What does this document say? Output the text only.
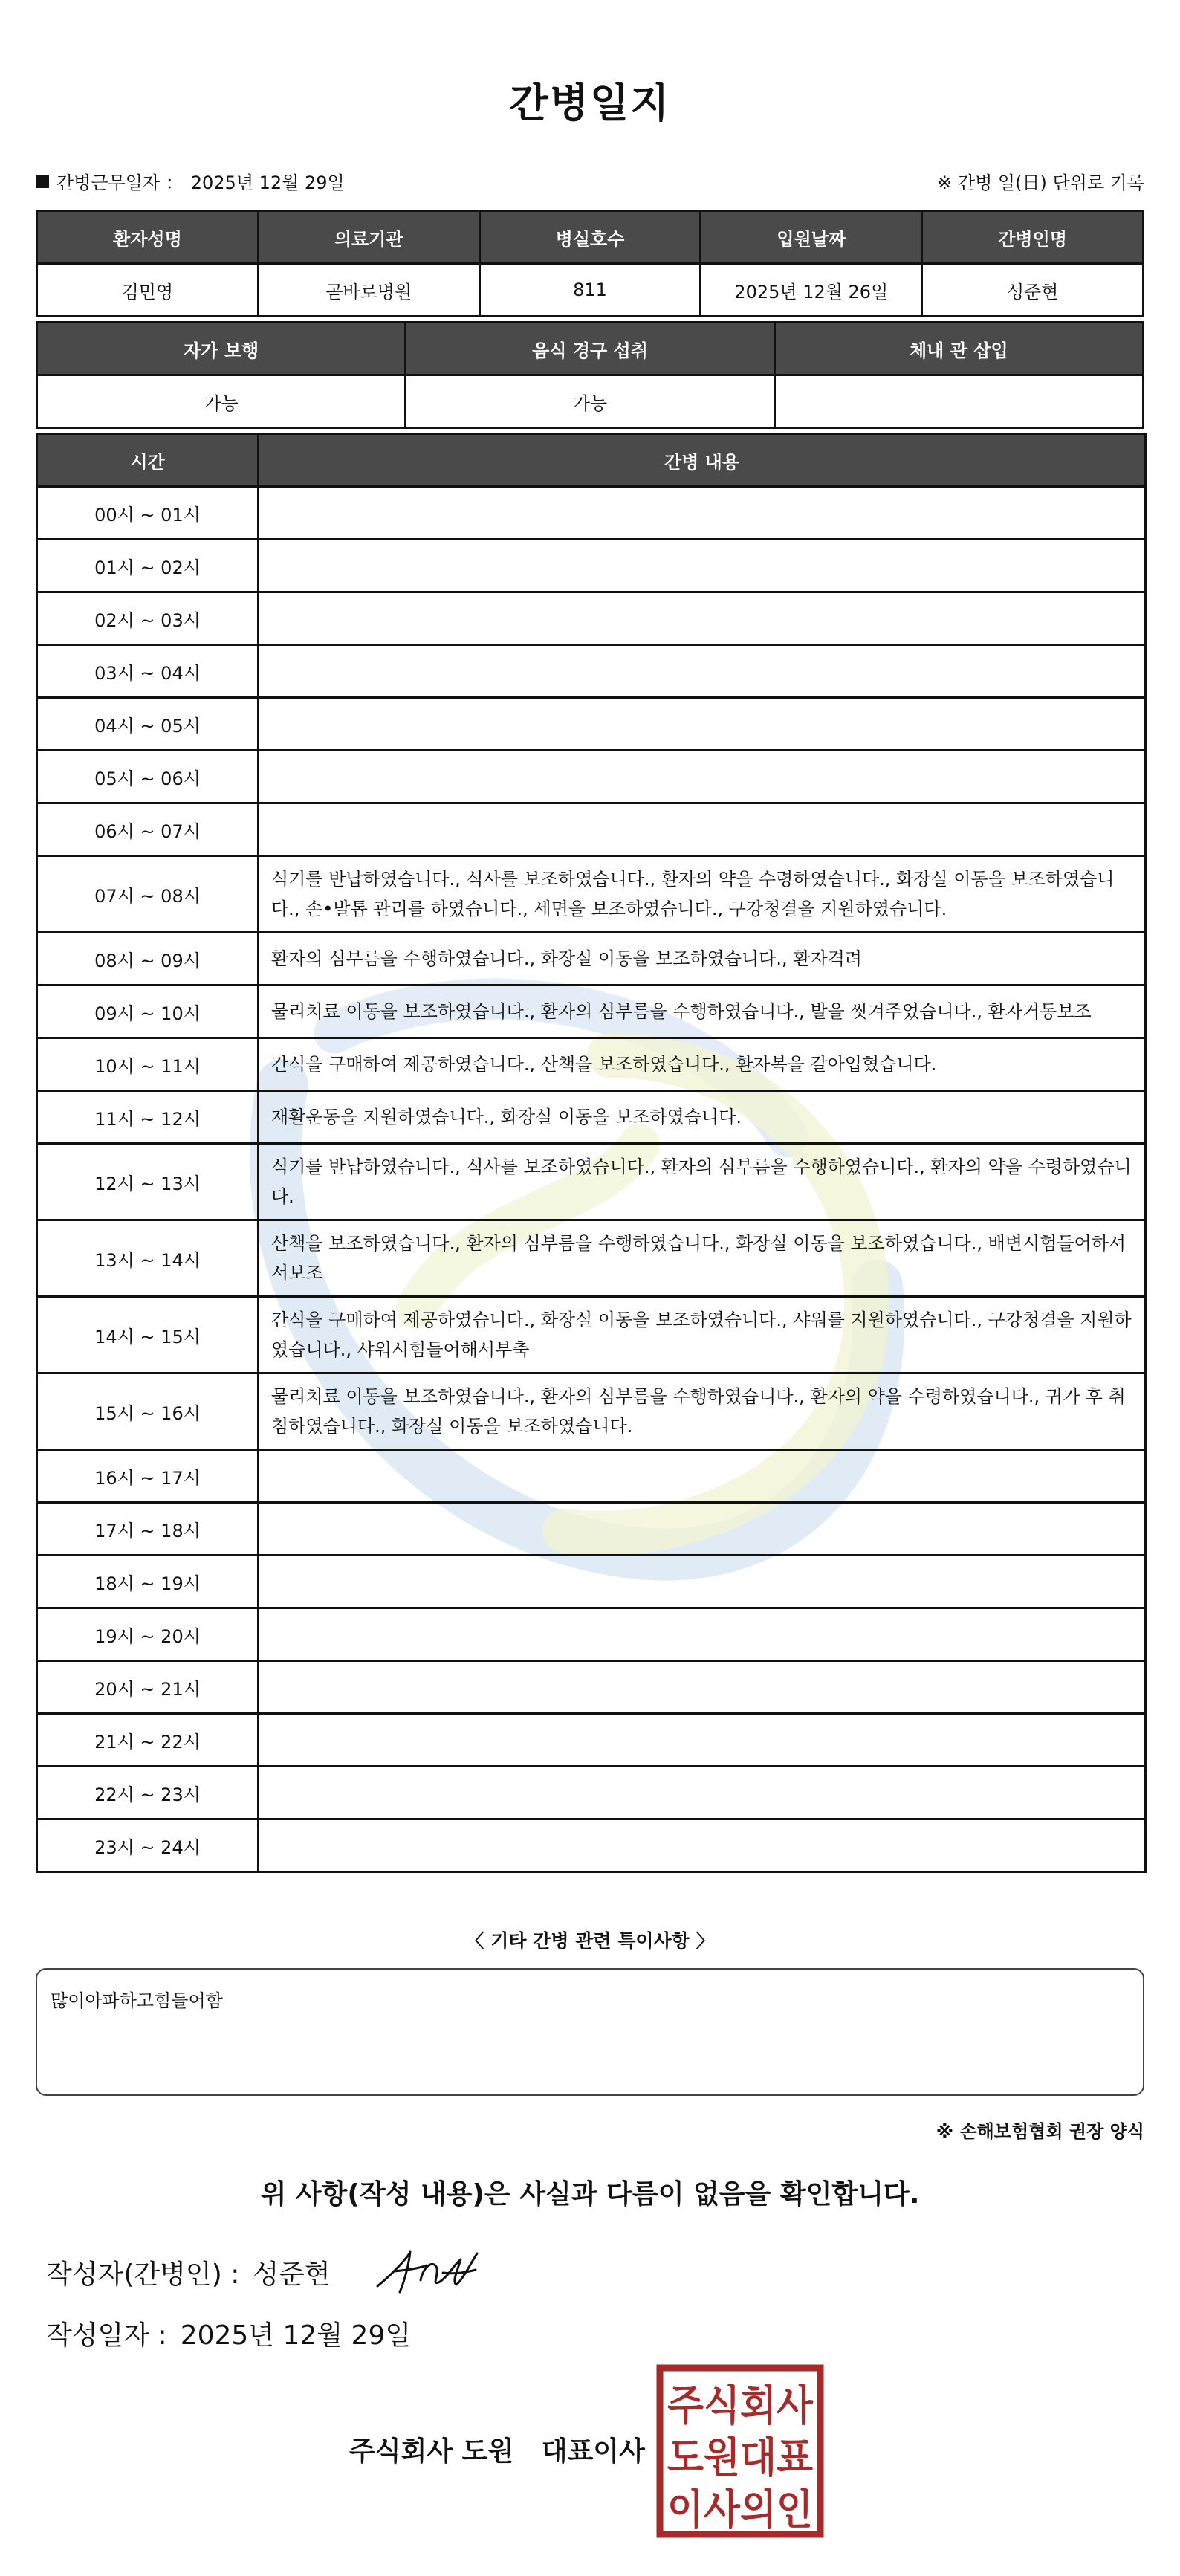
간병일지
간병근무일자 ： 2025년 12월 29일	※ 간병 일(日) 단위로 기록
환자성명	의료기관	병실호수	입원날짜	간병인명
김민영	곧바로병원	811	2025년 12월 26일	성준현
자가 보행	음식 경구 섭취	체내 관 삽입
가능	가능	
시간	간병 내용
00시 ~ 01시	
01시 ~ 02시	
02시 ~ 03시	
03시 ~ 04시	
04시 ~ 05시	
05시 ~ 06시	
06시 ~ 07시	
07시 ~ 08시	식기를 반납하였습니다., 식사를 보조하였습니다., 환자의 약을 수령하였습니다., 화장실 이동을 보조하였습니다., 손•발톱 관리를 하였습니다., 세면을 보조하였습니다., 구강청결을 지원하였습니다.
08시 ~ 09시	환자의 심부름을 수행하였습니다., 화장실 이동을 보조하였습니다., 환자격려
09시 ~ 10시	물리치료 이동을 보조하였습니다., 환자의 심부름을 수행하였습니다., 발을 씻겨주었습니다., 환자거동보조
10시 ~ 11시	간식을 구매하여 제공하였습니다., 산책을 보조하였습니다., 환자복을 갈아입혔습니다.
11시 ~ 12시	재활운동을 지원하였습니다., 화장실 이동을 보조하였습니다.
12시 ~ 13시	식기를 반납하였습니다., 식사를 보조하였습니다., 환자의 심부름을 수행하였습니다., 환자의 약을 수령하였습니다.
13시 ~ 14시	산책을 보조하였습니다., 환자의 심부름을 수행하였습니다., 화장실 이동을 보조하였습니다., 배변시험들어하셔서보조
14시 ~ 15시	간식을 구매하여 제공하였습니다., 화장실 이동을 보조하였습니다., 샤워를 지원하였습니다., 구강청결을 지원하였습니다., 샤워시힘들어해서부축
15시 ~ 16시	물리치료 이동을 보조하였습니다., 환자의 심부름을 수행하였습니다., 환자의 약을 수령하였습니다., 귀가 후 취침하였습니다., 화장실 이동을 보조하였습니다.
16시 ~ 17시	
17시 ~ 18시	
18시 ~ 19시	
19시 ~ 20시	
20시 ~ 21시	
21시 ~ 22시	
22시 ~ 23시	
23시 ~ 24시	
〈 기타 간병 관련 특이사항 〉
많이아파하고힘들어함
※ 손해보험협회 권장 양식
위 사항(작성 내용)은 사실과 다름이 없음을 확인합니다.
작성자(간병인) : 성준현
작성일자 : 2025년 12월 29일
주식회사 도원   대표이사
주식회사
도원대표
이사의인
